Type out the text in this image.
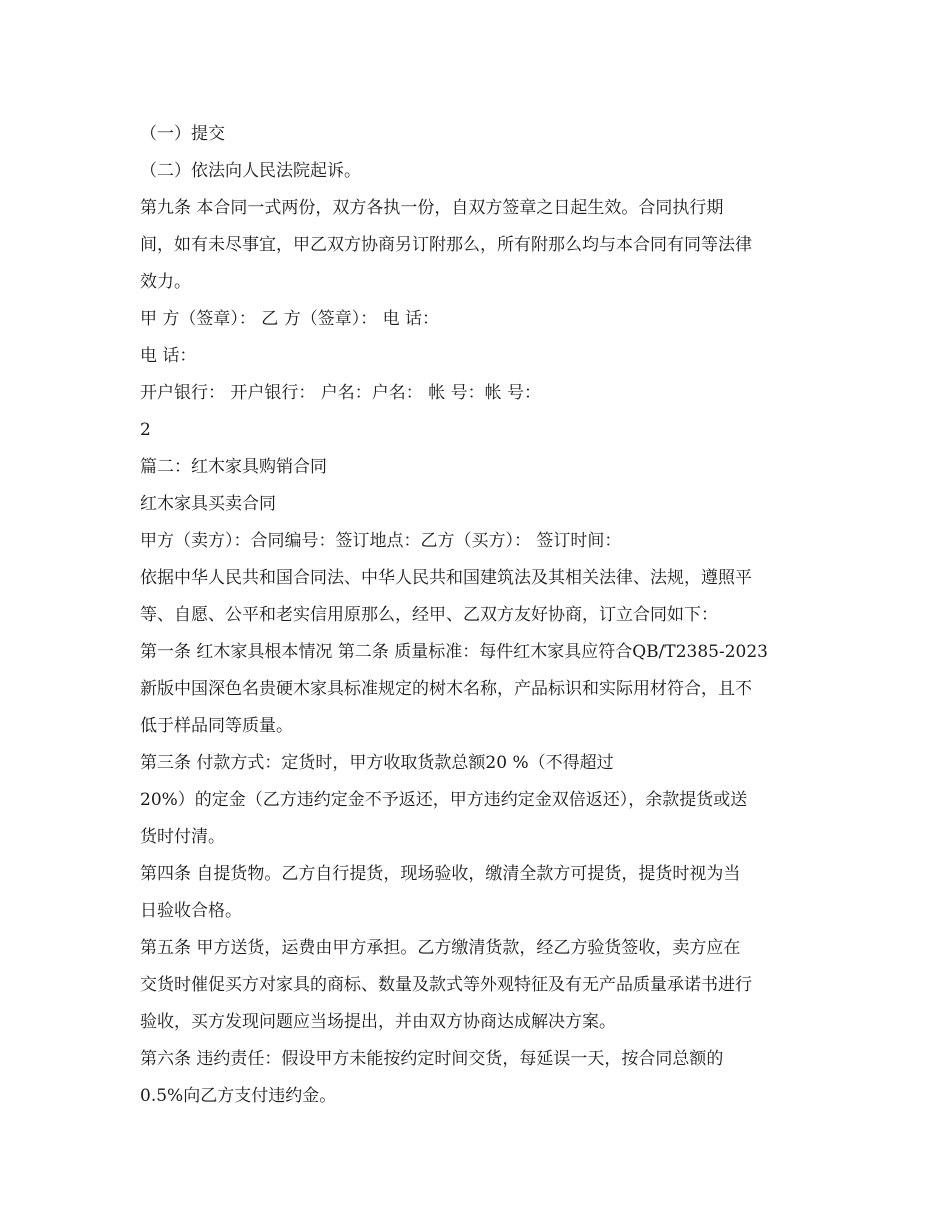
（一）提交
（二）依法向人民法院起诉。
第九条 本合同一式两份，双方各执一份，自双方签章之日起生效。合同执行期
间，如有未尽事宜，甲乙双方协商另订附那么，所有附那么均与本合同有同等法律
效力。
甲 方（签章）： 乙 方（签章）： 电 话：
电 话：
开户银行： 开户银行： 户名：户名： 帐 号：帐 号：
2
篇二：红木家具购销合同
红木家具买卖合同
甲方（卖方）：合同编号：签订地点：乙方（买方）： 签订时间：
依据中华人民共和国合同法、中华人民共和国建筑法及其相关法律、法规，遵照平
等、自愿、公平和老实信用原那么，经甲、乙双方友好协商，订立合同如下：
第一条 红木家具根本情况 第二条 质量标准：每件红木家具应符合QB/T2385-2023
新版中国深色名贵硬木家具标准规定的树木名称，产品标识和实际用材符合，且不
低于样品同等质量。
第三条 付款方式：定货时，甲方收取货款总额20 %（不得超过
20%）的定金（乙方违约定金不予返还，甲方违约定金双倍返还），余款提货或送
货时付清。
第四条 自提货物。乙方自行提货，现场验收，缴清全款方可提货，提货时视为当
日验收合格。
第五条 甲方送货，运费由甲方承担。乙方缴清货款，经乙方验货签收，卖方应在
交货时催促买方对家具的商标、数量及款式等外观特征及有无产品质量承诺书进行
验收，买方发现问题应当场提出，并由双方协商达成解决方案。
第六条 违约责任：假设甲方未能按约定时间交货，每延误一天，按合同总额的
0.5%向乙方支付违约金。
